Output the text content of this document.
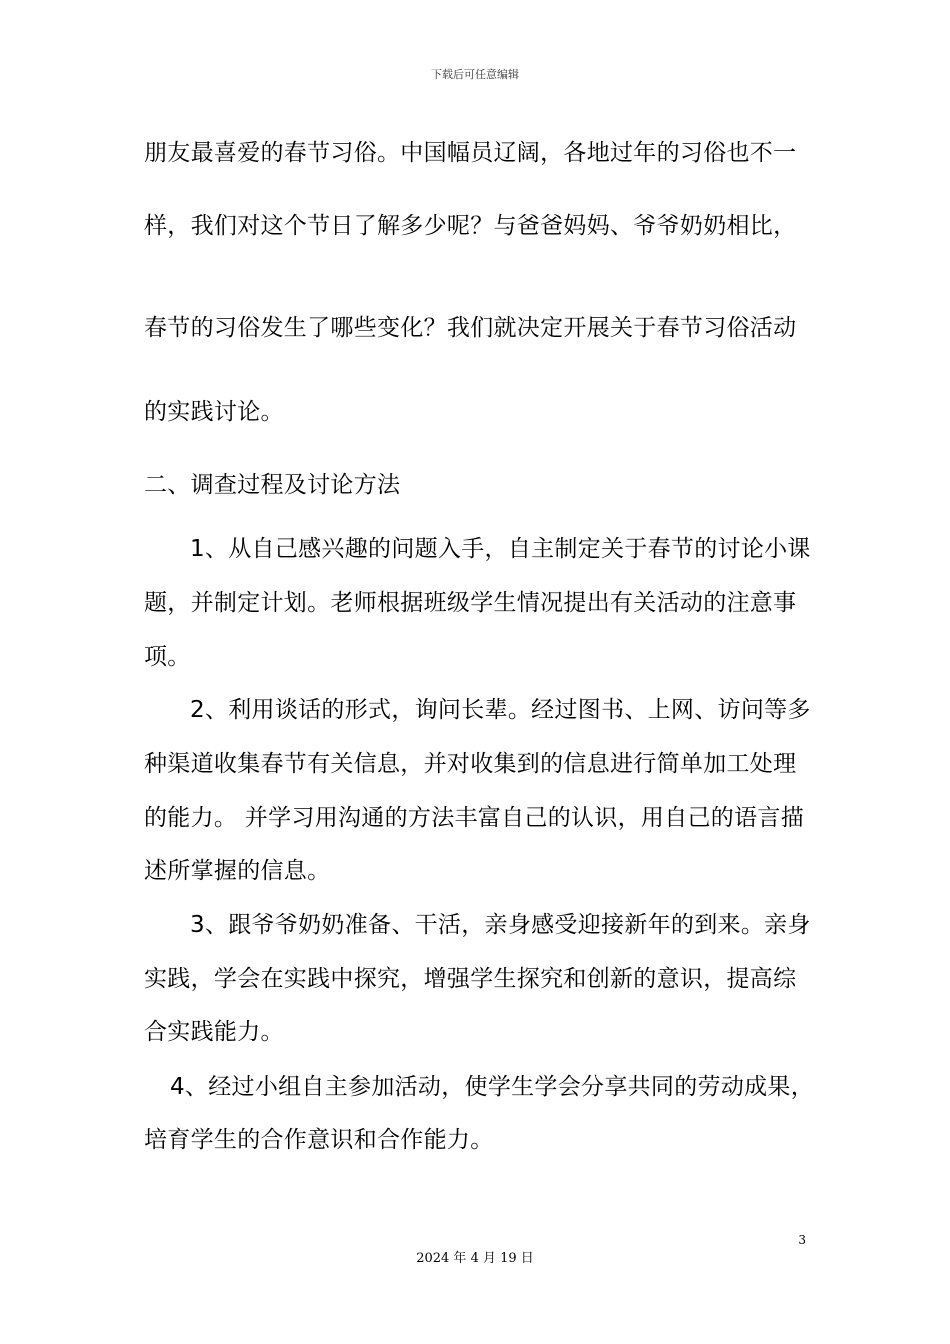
下载后可任意编辑
朋友最喜爱的春节习俗。中国幅员辽阔，各地过年的习俗也不一
样，我们对这个节日了解多少呢？与爸爸妈妈、爷爷奶奶相比，
春节的习俗发生了哪些变化？我们就决定开展关于春节习俗活动
的实践讨论。
二、调查过程及讨论方法
1、从自己感兴趣的问题入手，自主制定关于春节的讨论小课
题，并制定计划。老师根据班级学生情况提出有关活动的注意事
项。
2、利用谈话的形式，询问长辈。经过图书、上网、访问等多
种渠道收集春节有关信息，并对收集到的信息进行简单加工处理
的能力。 并学习用沟通的方法丰富自己的认识，用自己的语言描
述所掌握的信息。
3、跟爷爷奶奶准备、干活，亲身感受迎接新年的到来。亲身
实践，学会在实践中探究，增强学生探究和创新的意识，提高综
合实践能力。
4、经过小组自主参加活动，使学生学会分享共同的劳动成果，
培育学生的合作意识和合作能力。
3
2024 年 4 月 19 日
